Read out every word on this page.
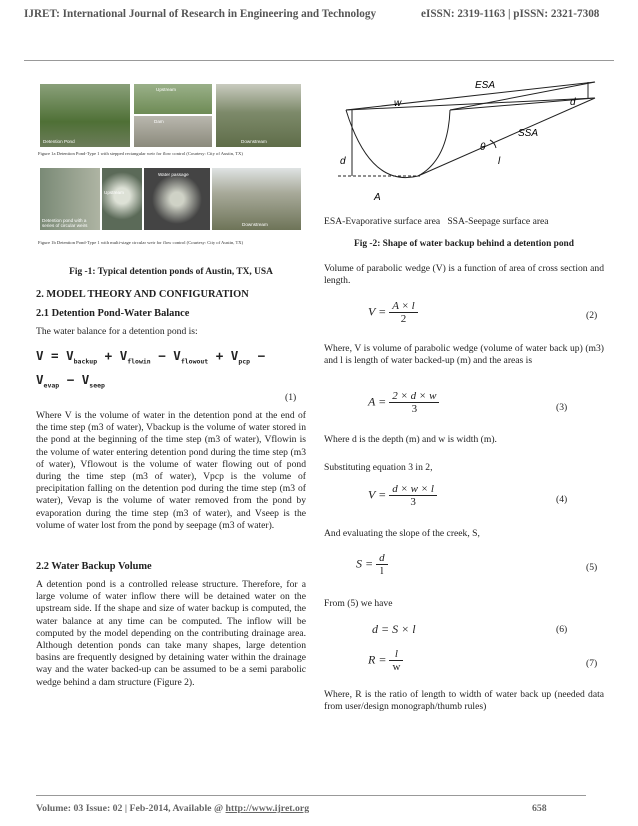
IJRET: International Journal of Research in Engineering and Technology	eISSN: 2319-1163 | pISSN: 2321-7308
Detention Pond
Upstream
Dam
Downstream
Figure 1a Detention Pond-Type 1 with stepped rectangular weir for flow control (Courtesy: City of Austin, TX)
Detention pond with a series of circular weirs
Upstream
Water passage
Downstream
Figure 1b Detention Pond-Type 1 with multi-stage circular weir for flow control (Courtesy: City of Austin, TX)
Fig -1: Typical detention ponds of Austin, TX, USA
2. MODEL THEORY AND CONFIGURATION
2.1 Detention Pond-Water Balance
The water balance for a detention pond is:
$V = V_{backup} + V_{flowin} - V_{flowout} + V_{pcp}$ −
$V_{evap} - V_{seep}$
(1)
Where V is the volume of water in the detention pond at the end of the time step (m3 of water), Vbackup is the volume of water stored in the pond at the beginning of the time step (m3 of water), Vflowin is the volume of water entering detention pond during the time step (m3 of water), Vflowout is the volume of water flowing out of pond during the time step (m3 of water), Vpcp is the volume of precipitation falling on the detention pod during the time step (m3 of water), Vevap is the volume of water removed from the pond by evaporation during the time step (m3 of water), and Vseep is the volume of water lost from the pond by seepage (m3 of water).
2.2 Water Backup Volume
A detention pond is a controlled release structure. Therefore, for a large volume of water inflow there will be detained water on the upstream side. If the shape and size of water backup is computed, the water balance at any time can be computed. The inflow will be computed by the model depending on the contributing drainage area. Although detention ponds can take many shapes, large detention basins are frequently designed by detaining water within the drainage way and the water backed-up can be assumed to be a semi parabolic wedge behind a dam structure (Figure 2).
ESA
w	d
SSA
θ
l
d
A
ESA-Evaporative surface area   SSA-Seepage surface area
Fig -2: Shape of water backup behind a detention pond
Volume of parabolic wedge (V) is a function of area of cross section and length.
$V = \frac{A \times l}{2}$	(2)
Where, V is volume of parabolic wedge (volume of water back up) (m3) and l is length of water backed-up (m) and the areas is
$A = \frac{2 \times d \times w}{3}$	(3)
Where d is the depth (m) and w is width (m).
Substituting equation 3 in 2,
$V = \frac{d \times w \times l}{3}$	(4)
And evaluating the slope of the creek, S,
$S = \frac{d}{l}$	(5)
From (5) we have
d = S × l	(6)
$R = \frac{l}{w}$	(7)
Where, R is the ratio of length to width of water back up (needed data from user/design monograph/thumb rules)
Volume: 03 Issue: 02 | Feb-2014, Available @ http://www.ijret.org	658
